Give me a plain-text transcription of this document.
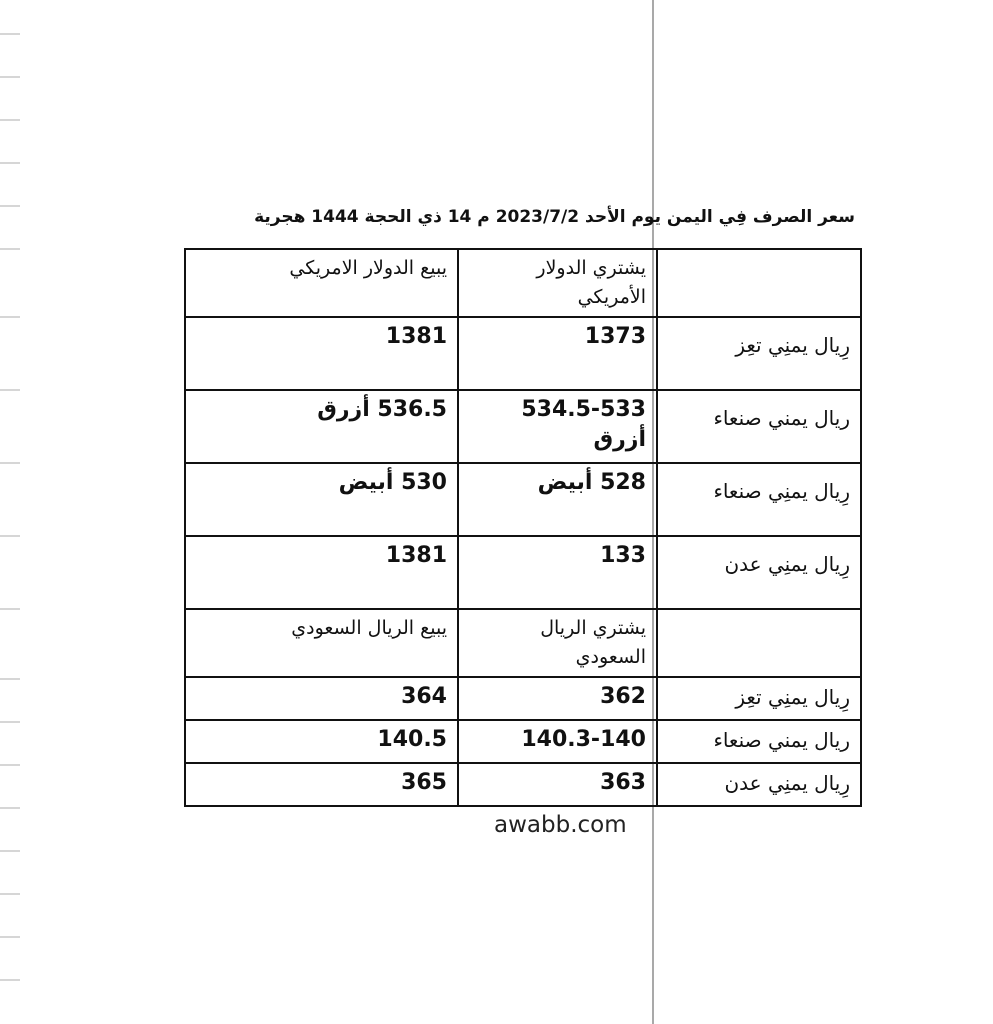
سعر الصرف فِي اليمن يوم الأحد 2023/7/2 م 14 ذي الحجة 1444 هجرية
	يشتري الدولار الأمريكي	يبيع الدولار الامريكي
رِيال يمنِي تعِز	1373	1381
ريال يمني صنعاء	534.5-533 أزرق	536.5 أزرق
رِيال يمنِي صنعاء	528 أبيض	530 أبيض
رِيال يمنِي عدن	133	1381
	يشتري الريال السعودي	يبيع الريال السعودي
رِيال يمنِي تعِز	362	364
ريال يمني صنعاء	140.3-140	140.5
رِيال يمنِي عدن	363	365
awabb.com
